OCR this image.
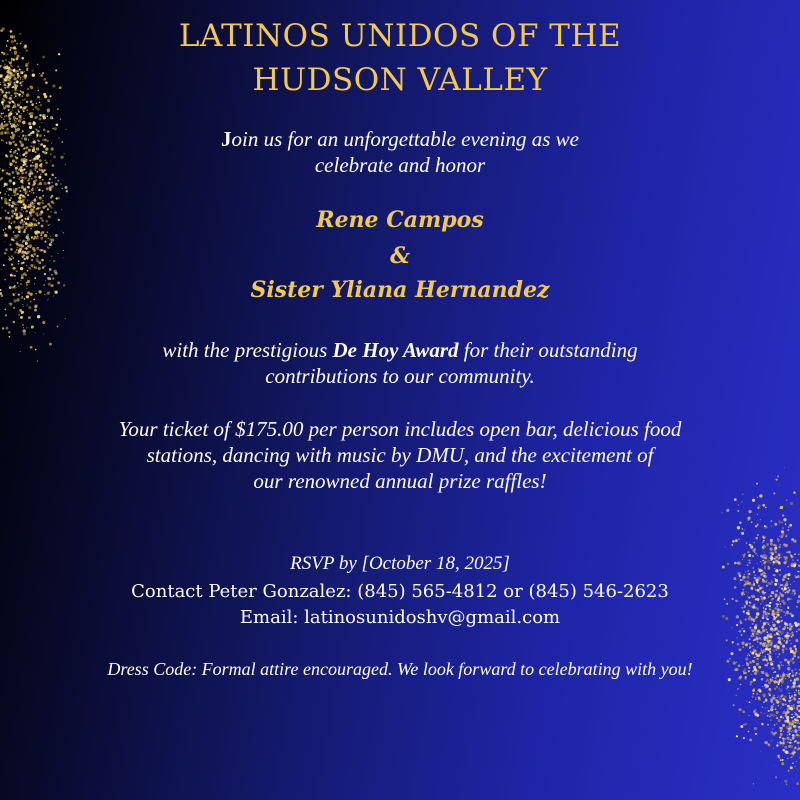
LATINOS UNIDOS OF THE
HUDSON VALLEY
Join us for an unforgettable evening as we
celebrate and honor
Rene Campos
&
Sister Yliana Hernandez
with the prestigious De Hoy Award for their outstanding
contributions to our community.
Your ticket of $175.00 per person includes open bar, delicious food
stations, dancing with music by DMU, and the excitement of
our renowned annual prize raffles!
RSVP by [October 18, 2025]
Contact Peter Gonzalez: (845) 565-4812 or (845) 546-2623
Email: latinosunidoshv@gmail.com
Dress Code: Formal attire encouraged. We look forward to celebrating with you!
